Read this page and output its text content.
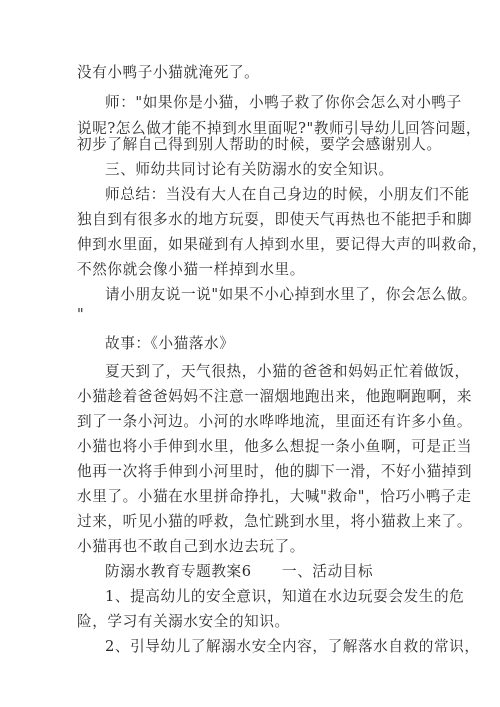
没有小鸭子小猫就淹死了。
师："如果你是小猫，小鸭子救了你你会怎么对小鸭子
说呢?怎么做才能不掉到水里面呢?"教师引导幼儿回答问题，
初步了解自己得到别人帮助的时候，要学会感谢别人。
三、师幼共同讨论有关防溺水的安全知识。
师总结：当没有大人在自己身边的时候，小朋友们不能
独自到有很多水的地方玩耍，即使天气再热也不能把手和脚
伸到水里面，如果碰到有人掉到水里，要记得大声的叫救命，
不然你就会像小猫一样掉到水里。
请小朋友说一说"如果不小心掉到水里了，你会怎么做。
"
故事：《小猫落水》
夏天到了，天气很热，小猫的爸爸和妈妈正忙着做饭，
小猫趁着爸爸妈妈不注意一溜烟地跑出来，他跑啊跑啊，来
到了一条小河边。小河的水哗哗地流，里面还有许多小鱼。
小猫也将小手伸到水里，他多么想捉一条小鱼啊，可是正当
他再一次将手伸到小河里时，他的脚下一滑，不好小猫掉到
水里了。小猫在水里拼命挣扎，大喊"救命"，恰巧小鸭子走
过来，听见小猫的呼救，急忙跳到水里，将小猫救上来了。
小猫再也不敢自己到水边去玩了。
防溺水教育专题教案6　　一、活动目标
1、提高幼儿的安全意识，知道在水边玩耍会发生的危
险，学习有关溺水安全的知识。
2、引导幼儿了解溺水安全内容，了解落水自救的常识，
